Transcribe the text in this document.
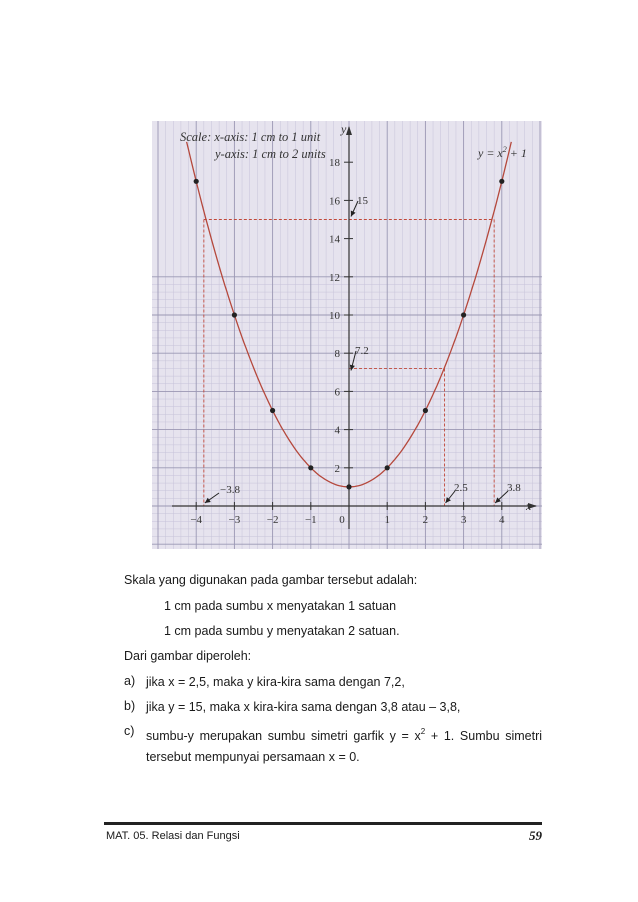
−4 −3 −2 −1 0	1	2	3	4
2
4
6
8
10
12
14
16
18
Scale: x-axis: 1 cm to 1 unit
y-axis: 1 cm to 2 units	$y = x^2 + 1$
y
x
15
7.2
−3.8	2.5	3.8
Skala yang digunakan pada gambar tersebut adalah:
1 cm pada sumbu x menyatakan 1 satuan
1 cm pada sumbu y menyatakan 2 satuan.
Dari gambar diperoleh:
a) jika x = 2,5, maka y kira-kira sama dengan 7,2,
b) jika y = 15, maka x kira-kira sama dengan 3,8 atau – 3,8,
c) sumbu-y merupakan sumbu simetri garfik $y = x^2 + 1$. Sumbu simetri
tersebut mempunyai persamaan x = 0.
MAT. 05. Relasi dan Fungsi	59
